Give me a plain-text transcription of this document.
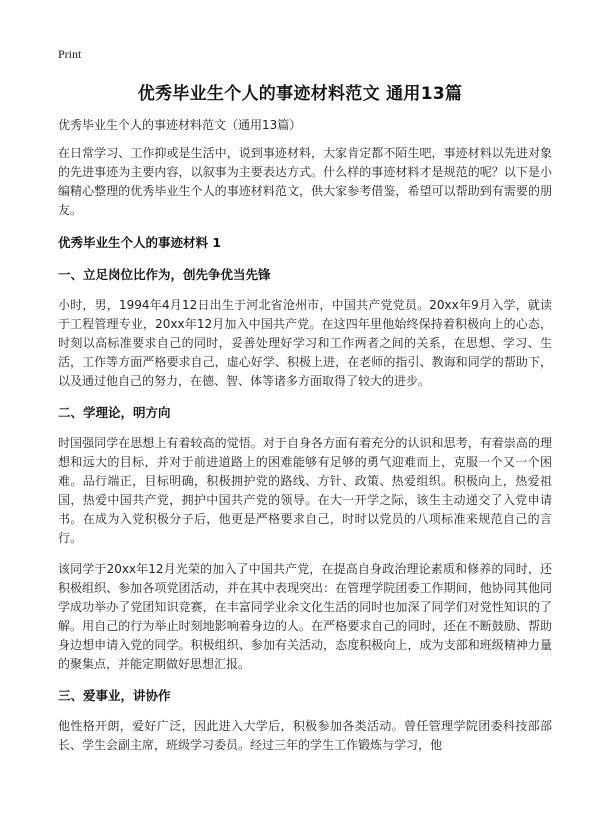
Print
优秀毕业生个人的事迹材料范文 通用13篇

优秀毕业生个人的事迹材料范文（通用13篇）

在日常学习、工作抑或是生活中，说到事迹材料，大家肯定都不陌生吧，事迹材料以先进对象的先进事迹为主要内容，以叙事为主要表达方式。什么样的事迹材料才是规范的呢？以下是小编精心整理的优秀毕业生个人的事迹材料范文，供大家参考借鉴，希望可以帮助到有需要的朋友。

优秀毕业生个人的事迹材料 1

一、立足岗位比作为，创先争优当先锋

小时，男，1994年4月12日出生于河北省沧州市，中国共产党党员。20xx年9月入学，就读于工程管理专业，20xx年12月加入中国共产党。在这四年里他始终保持着积极向上的心态，时刻以高标准要求自己的同时，妥善处理好学习和工作两者之间的关系，在思想、学习、生活，工作等方面严格要求自己，虚心好学、积极上进，在老师的指引、教诲和同学的帮助下，以及通过他自己的努力，在德、智、体等诸多方面取得了较大的进步。

二、学理论，明方向

时国强同学在思想上有着较高的觉悟。对于自身各方面有着充分的认识和思考，有着崇高的理想和远大的目标，并对于前进道路上的困难能够有足够的勇气迎难而上，克服一个又一个困难。品行端正，目标明确，积极拥护党的路线、方针、政策、热爱组织。积极向上，热爱祖国，热爱中国共产党，拥护中国共产党的领导。在大一开学之际，该生主动递交了入党申请书。在成为入党积极分子后，他更是严格要求自己，时时以党员的八项标准来规范自己的言行。

该同学于20xx年12月光荣的加入了中国共产党，在提高自身政治理论素质和修养的同时，还积极组织、参加各项党团活动，并在其中表现突出：在管理学院团委工作期间，他协同其他同学成功举办了党团知识竞赛，在丰富同学业余文化生活的同时也加深了同学们对党性知识的了解。用自己的行为举止时刻地影响着身边的人。在严格要求自己的同时，还在不断鼓励、帮助身边想申请入党的同学。积极组织、参加有关活动，态度积极向上，成为支部和班级精神力量的聚集点，并能定期做好思想汇报。

三、爱事业，讲协作

他性格开朗，爱好广泛，因此进入大学后，积极参加各类活动。曾任管理学院团委科技部部长、学生会副主席，班级学习委员。经过三年的学生工作锻炼与学习，他
